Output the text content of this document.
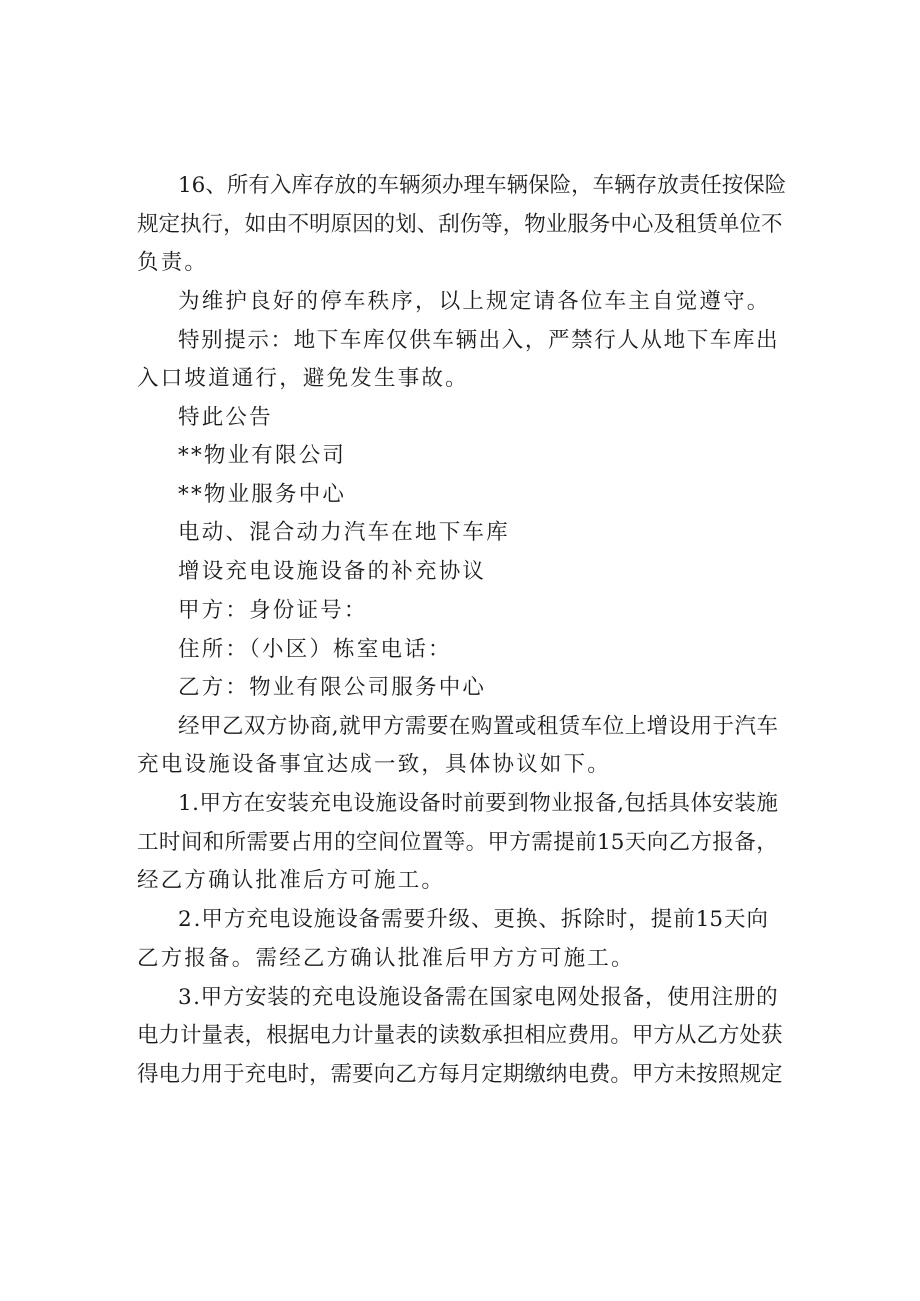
16 、 所 有 入 库 存 放 的 车 辆 须 办 理 车 辆 保 险 ， 车 辆 存 放 责 任 按 保 险

规 定 执 行 ， 如 由 不 明 原 因 的 划 、 刮 伤 等 ， 物 业 服 务 中 心 及 租 赁 单 位 不

负责。

为维护良好的停车秩序，以上规定请各位车主自觉遵守。

特 别 提 示 ： 地 下 车 库 仅 供 车 辆 出 入 ， 严 禁 行 人 从 地 下 车 库 出

入口坡道通行，避免发生事故。

特此公告

**物业有限公司

**物业服务中心

电动、混合动力汽车在地下车库

增设充电设施设备的补充协议

甲方：身份证号：

住所：（小区）栋室电话：

乙方：物业有限公司服务中心

经 甲 乙 双 方 协 商 , 就 甲 方 需 要 在 购 置 或 租 赁 车 位 上 增 设 用 于 汽 车

充电设施设备事宜达成一致，具体协议如下。

1 . 甲 方 在 安 装 充 电 设 施 设 备 时 前 要 到 物 业 报 备 , 包 括 具 体 安 装 施

工 时 间 和 所 需 要 占 用 的 空 间 位 置 等 。 甲 方 需 提 前 15 天 向 乙 方 报 备 ，

经乙方确认批准后方可施工。

2 . 甲 方 充 电 设 施 设 备 需 要 升 级 、 更 换 、 拆 除 时 ， 提 前 15 天 向

乙方报备。需经乙方确认批准后甲方方可施工。

3 . 甲 方 安 装 的 充 电 设 施 设 备 需 在 国 家 电 网 处 报 备 ， 使 用 注 册 的

电 力 计 量 表 ， 根 据 电 力 计 量 表 的 读 数 承 担 相 应 费 用 。 甲 方 从 乙 方 处 获

得 电 力 用 于 充 电 时 ， 需 要 向 乙 方 每 月 定 期 缴 纳 电 费 。 甲 方 未 按 照 规 定
